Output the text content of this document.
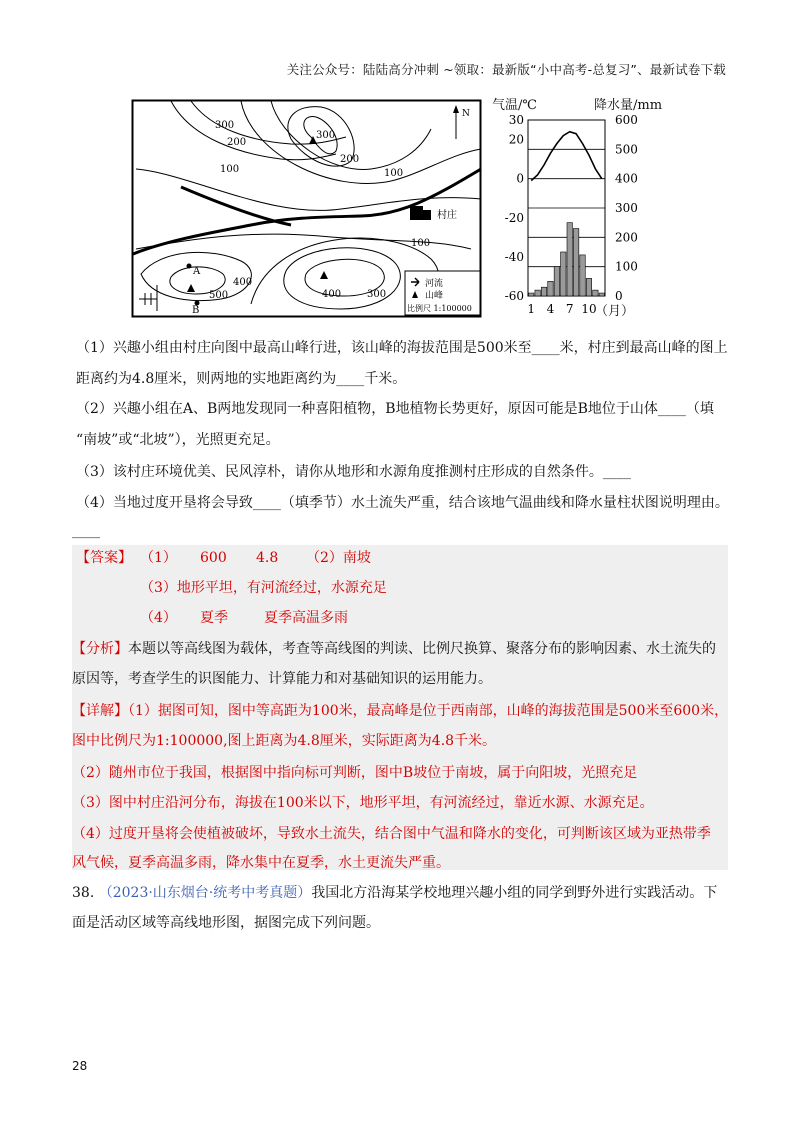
关注公众号：陆陆高分冲刺 ~领取：最新版“小中高考-总复习”、最新试卷下载
300
300
200
200
100	100
100
400
500	400	300
A
B
N
村庄
河流
山峰
比例尺 1:100000
气温/℃	降水量/mm
30
20
0
-20
-40
-60
600
500
400
300
200
100
0
1 4 7 10
（月）
（1）兴趣小组由村庄向图中最高山峰行进，该山峰的海拔范围是500米至____米，村庄到最高山峰的图上
距离约为4.8厘米，则两地的实地距离约为____千米。
（2）兴趣小组在A、B两地发现同一种喜阳植物，B地植物长势更好，原因可能是B地位于山体____（填
“南坡”或“北坡”），光照更充足。
（3）该村庄环境优美、民风淳朴，请你从地形和水源角度推测村庄形成的自然条件。____
（4）当地过度开垦将会导致____（填季节）水土流失严重，结合该地气温曲线和降水量柱状图说明理由。
____
【答案】 （1） 600 4.8 （2）南坡
（3）地形平坦，有河流经过，水源充足
（4） 夏季	夏季高温多雨
【分析】本题以等高线图为载体，考查等高线图的判读、比例尺换算、聚落分布的影响因素、水土流失的
原因等，考查学生的识图能力、计算能力和对基础知识的运用能力。
【详解】（1）据图可知，图中等高距为100米，最高峰是位于西南部，山峰的海拔范围是500米至600米，
图中比例尺为1:100000,图上距离为4.8厘米，实际距离为4.8千米。
（2）随州市位于我国，根据图中指向标可判断，图中B坡位于南坡，属于向阳坡，光照充足
（3）图中村庄沿河分布，海拔在100米以下，地形平坦，有河流经过，靠近水源、水源充足。
（4）过度开垦将会使植被破坏，导致水土流失，结合图中气温和降水的变化，可判断该区域为亚热带季
风气候，夏季高温多雨，降水集中在夏季，水土更流失严重。
38. （2023·山东烟台·统考中考真题）我国北方沿海某学校地理兴趣小组的同学到野外进行实践活动。下
面是活动区域等高线地形图，据图完成下列问题。
28
